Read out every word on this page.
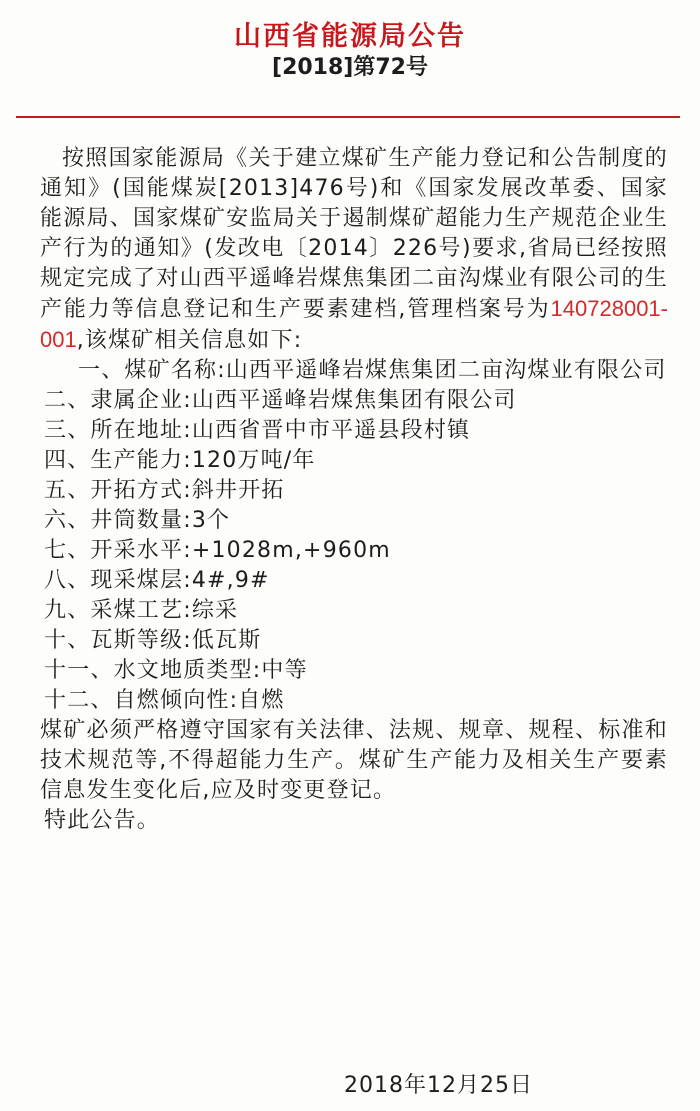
山西省能源局公告
[2018]第72号

按照国家能源局《关于建立煤矿生产能力登记和公告制度的通知》(国能煤炭[2013]476号)和《国家发展改革委、国家能源局、国家煤矿安监局关于遏制煤矿超能力生产规范企业生产行为的通知》(发改电〔2014〕226号)要求,省局已经按照规定完成了对山西平遥峰岩煤焦集团二亩沟煤业有限公司的生产能力等信息登记和生产要素建档,管理档案号为140728001-001,该煤矿相关信息如下:

一、煤矿名称:山西平遥峰岩煤焦集团二亩沟煤业有限公司

二、隶属企业:山西平遥峰岩煤焦集团有限公司

三、所在地址:山西省晋中市平遥县段村镇

四、生产能力:120万吨/年

五、开拓方式:斜井开拓

六、井筒数量:3个

七、开采水平:+1028m,+960m

八、现采煤层:4#,9#

九、采煤工艺:综采

十、瓦斯等级:低瓦斯

十一、水文地质类型:中等

十二、自燃倾向性:自燃

煤矿必须严格遵守国家有关法律、法规、规章、规程、标准和技术规范等,不得超能力生产。煤矿生产能力及相关生产要素信息发生变化后,应及时变更登记。

特此公告。

2018年12月25日
